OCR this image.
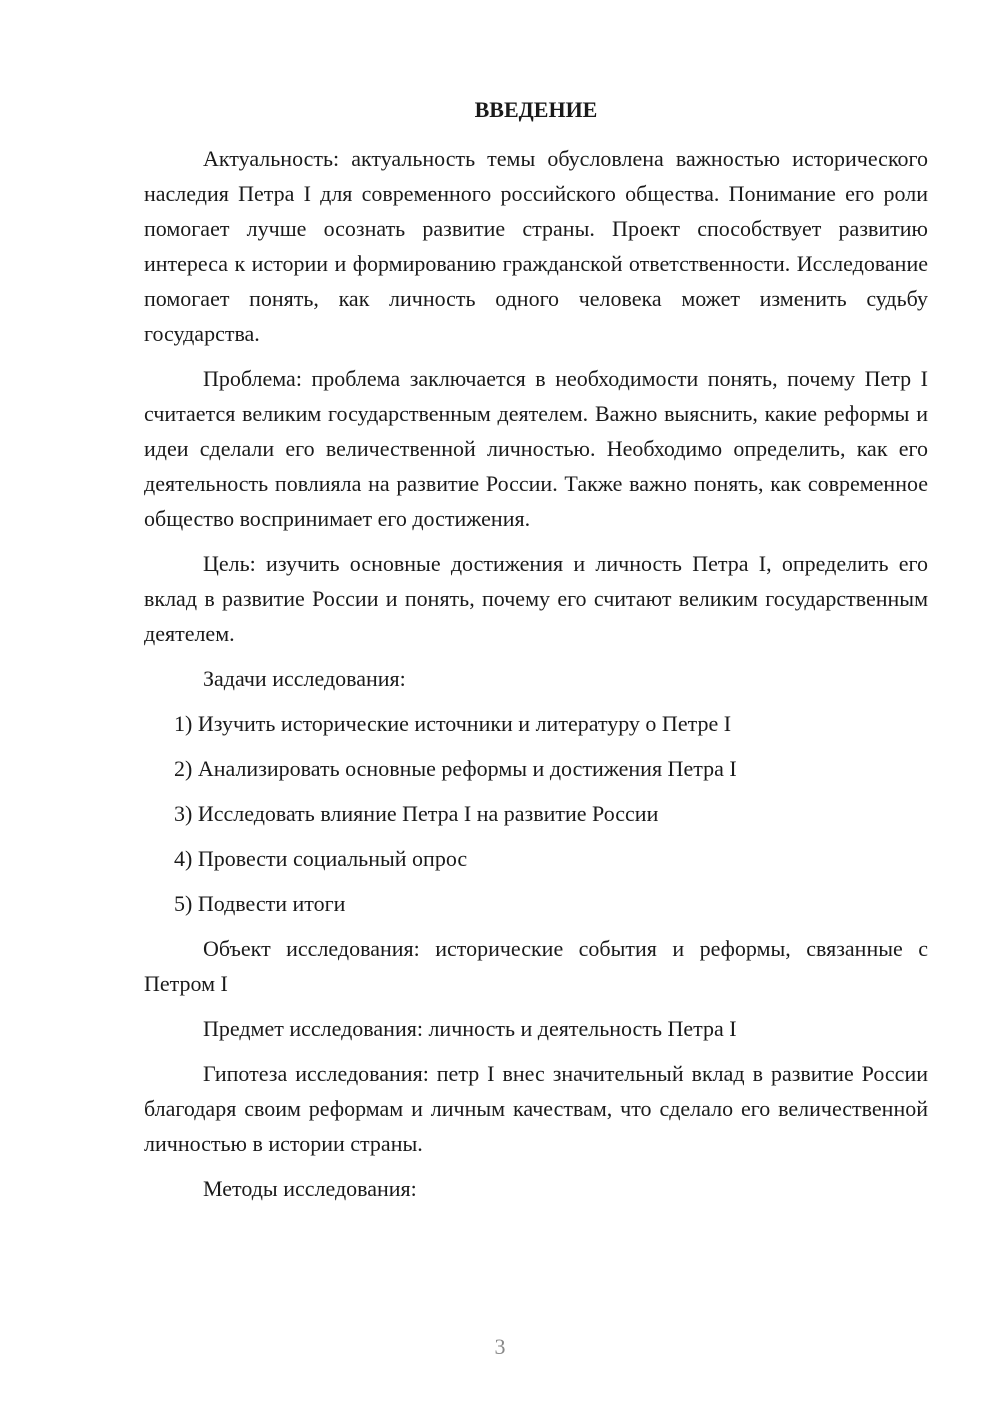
ВВЕДЕНИЕ

Актуальность: актуальность темы обусловлена важностью исторического наследия Петра I для современного российского общества. Понимание его роли помогает лучше осознать развитие страны. Проект способствует развитию интереса к истории и формированию гражданской ответственности. Исследование помогает понять, как личность одного человека может изменить судьбу государства.

Проблема: проблема заключается в необходимости понять, почему Петр I считается великим государственным деятелем. Важно выяснить, какие реформы и идеи сделали его величественной личностью. Необходимо определить, как его деятельность повлияла на развитие России. Также важно понять, как современное общество воспринимает его достижения.

Цель: изучить основные достижения и личность Петра I, определить его вклад в развитие России и понять, почему его считают великим государственным деятелем.

Задачи исследования:

1) Изучить исторические источники и литературу о Петре I
2) Анализировать основные реформы и достижения Петра I
3) Исследовать влияние Петра I на развитие России
4) Провести социальный опрос
5) Подвести итоги

Объект исследования: исторические события и реформы, связанные с Петром I

Предмет исследования: личность и деятельность Петра I

Гипотеза исследования: петр I внес значительный вклад в развитие России благодаря своим реформам и личным качествам, что сделало его величественной личностью в истории страны.

Методы исследования:

3
